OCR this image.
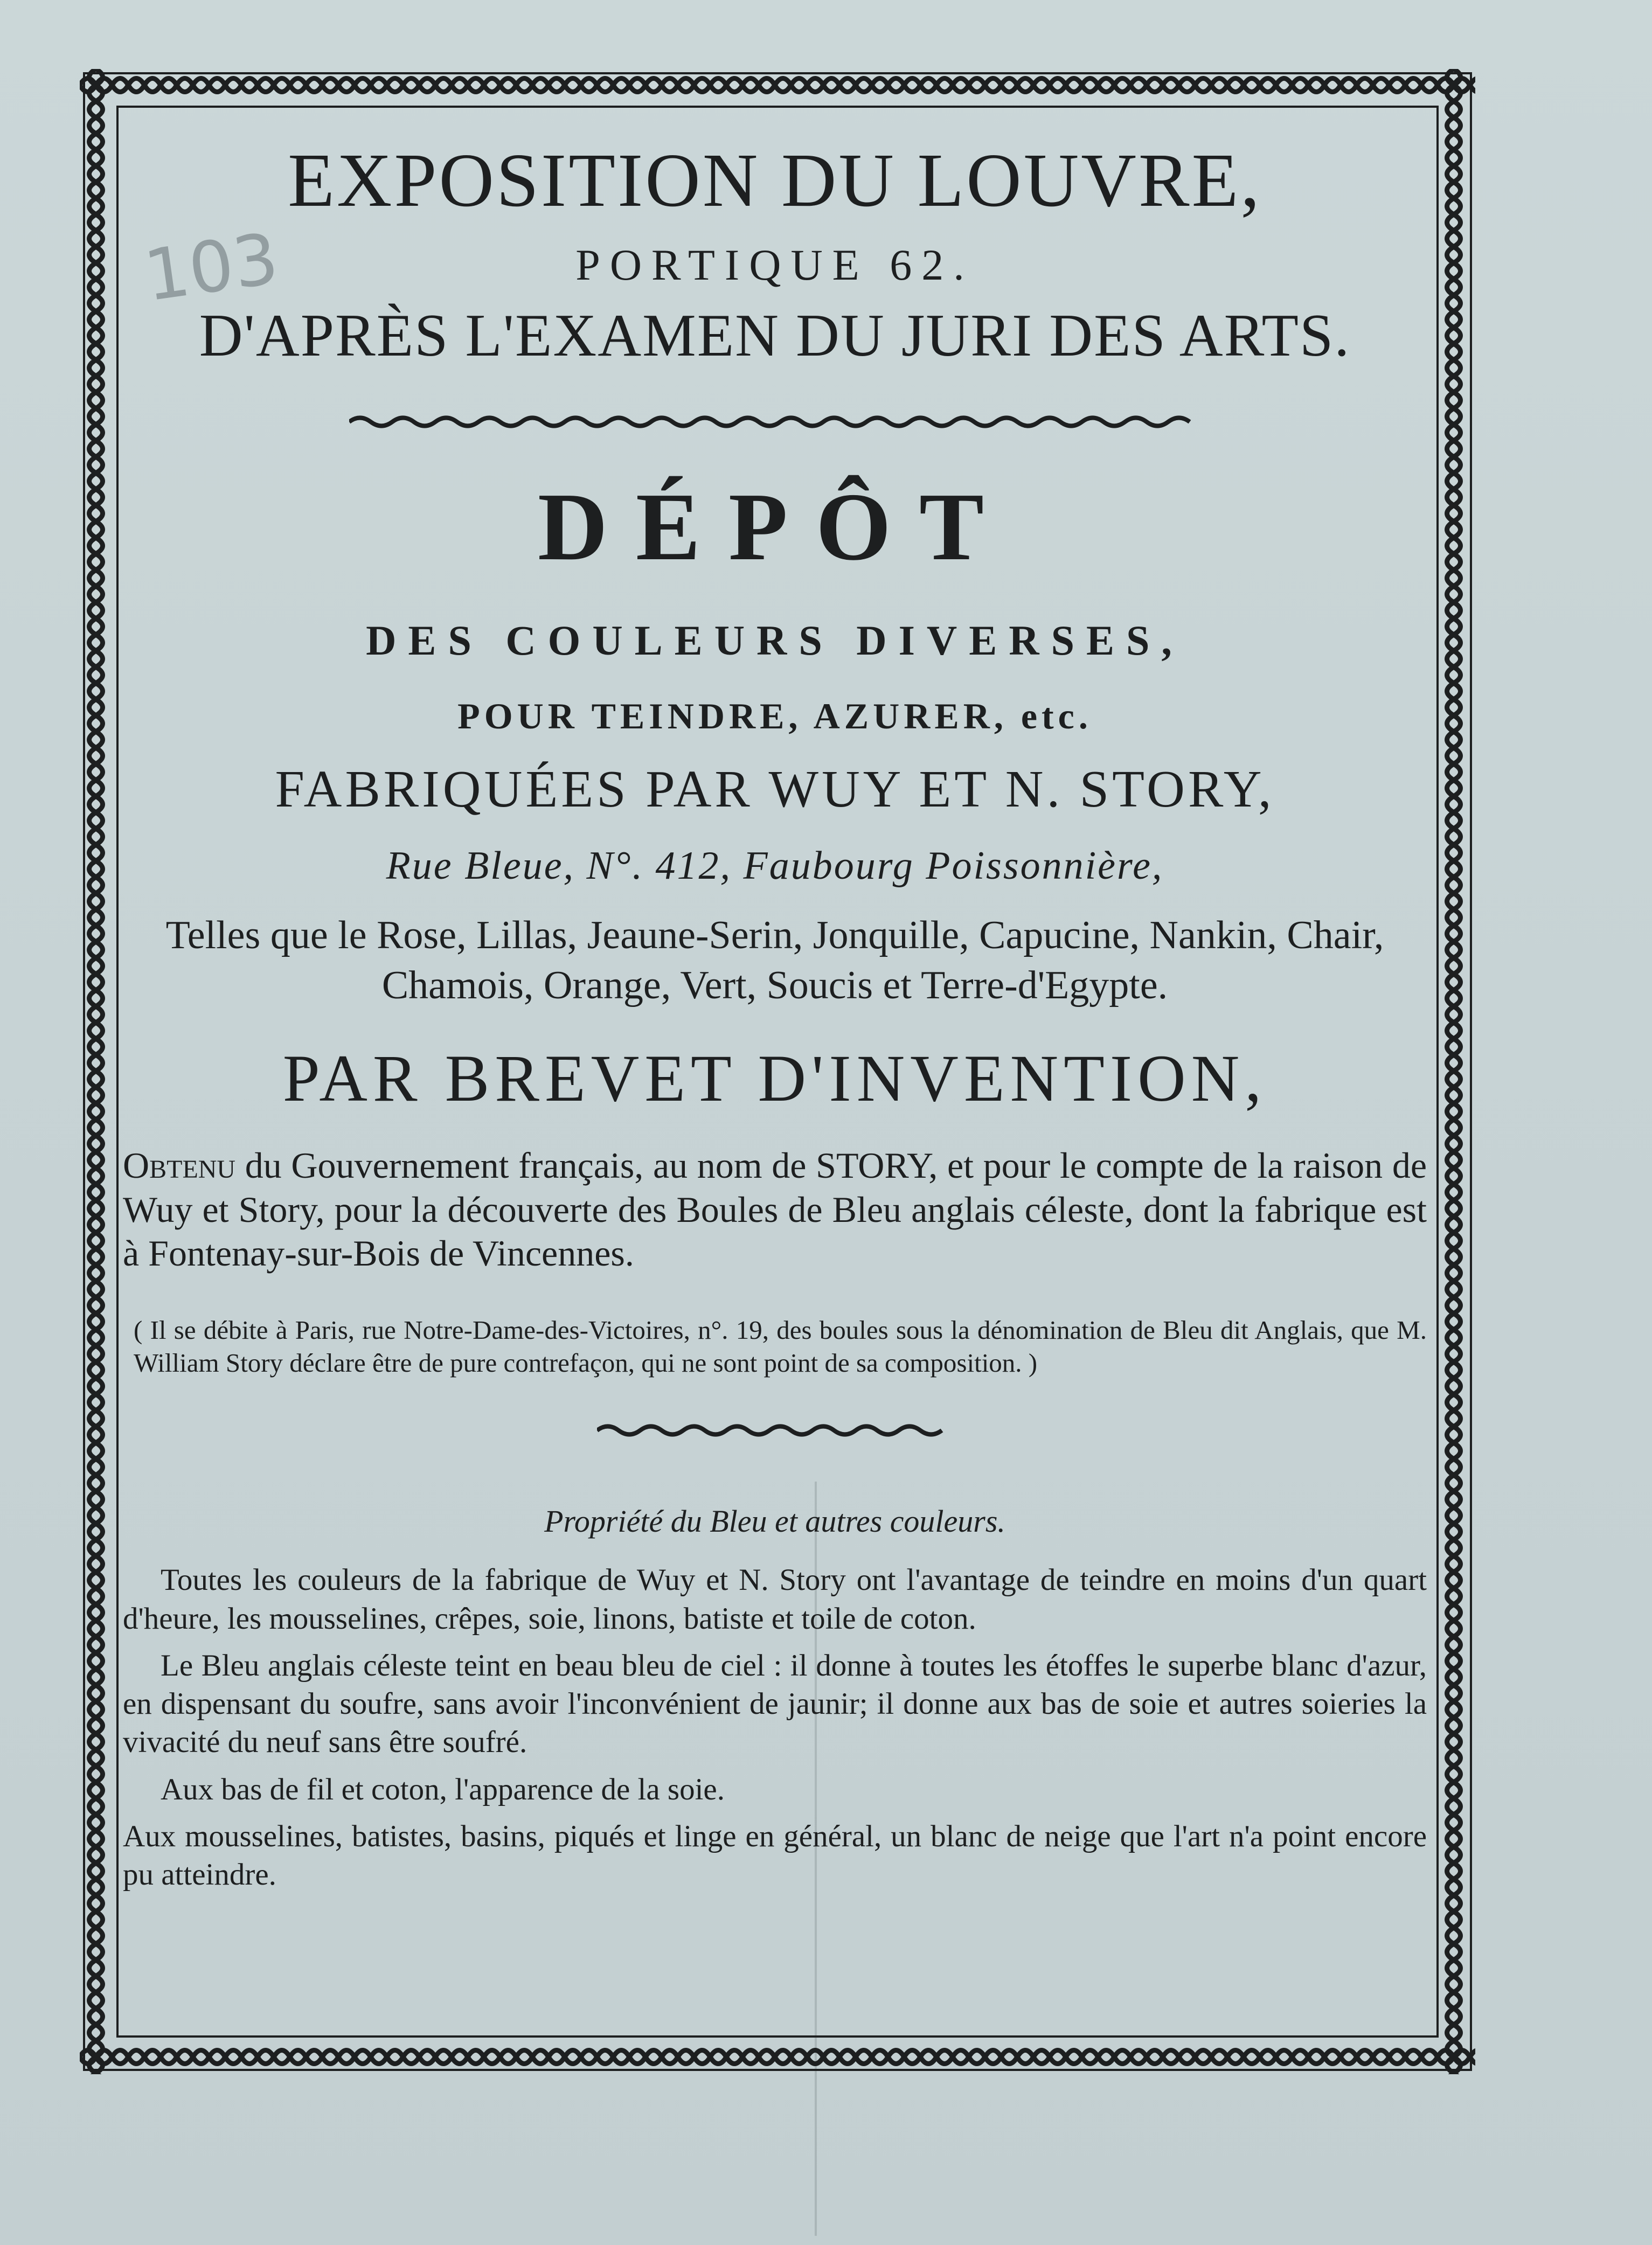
103
EXPOSITION DU LOUVRE,
PORTIQUE 62.
D'APRÈS L'EXAMEN DU JURI DES ARTS.
DÉPÔT
DES COULEURS DIVERSES,
POUR TEINDRE, AZURER, etc.
FABRIQUÉES PAR WUY ET N. STORY,
Rue Bleue, N°. 412, Faubourg Poissonnière,
Telles que le Rose, Lillas, Jeaune-Serin, Jonquille, Capucine, Nankin, Chair, Chamois, Orange, Vert, Soucis et Terre-d'Egypte.
PAR BREVET D'INVENTION,
Obtenu du Gouvernement français, au nom de STORY, et pour le compte de la raison de Wuy et Story, pour la découverte des Boules de Bleu anglais céleste, dont la fabrique est à Fontenay-sur-Bois de Vincennes.
( Il se débite à Paris, rue Notre-Dame-des-Victoires, n°. 19, des boules sous la dénomination de Bleu dit Anglais, que M. William Story déclare être de pure contrefaçon, qui ne sont point de sa composition. )
Propriété du Bleu et autres couleurs.

Toutes les couleurs de la fabrique de Wuy et N. Story ont l'avantage de teindre en moins d'un quart d'heure, les mousselines, crêpes, soie, linons, batiste et toile de coton.

Le Bleu anglais céleste teint en beau bleu de ciel : il donne à toutes les étoffes le superbe blanc d'azur, en dispensant du soufre, sans avoir l'inconvénient de jaunir; il donne aux bas de soie et autres soieries la vivacité du neuf sans être soufré.

Aux bas de fil et coton, l'apparence de la soie.

Aux mousselines, batistes, basins, piqués et linge en général, un blanc de neige que l'art n'a point encore pu atteindre.
